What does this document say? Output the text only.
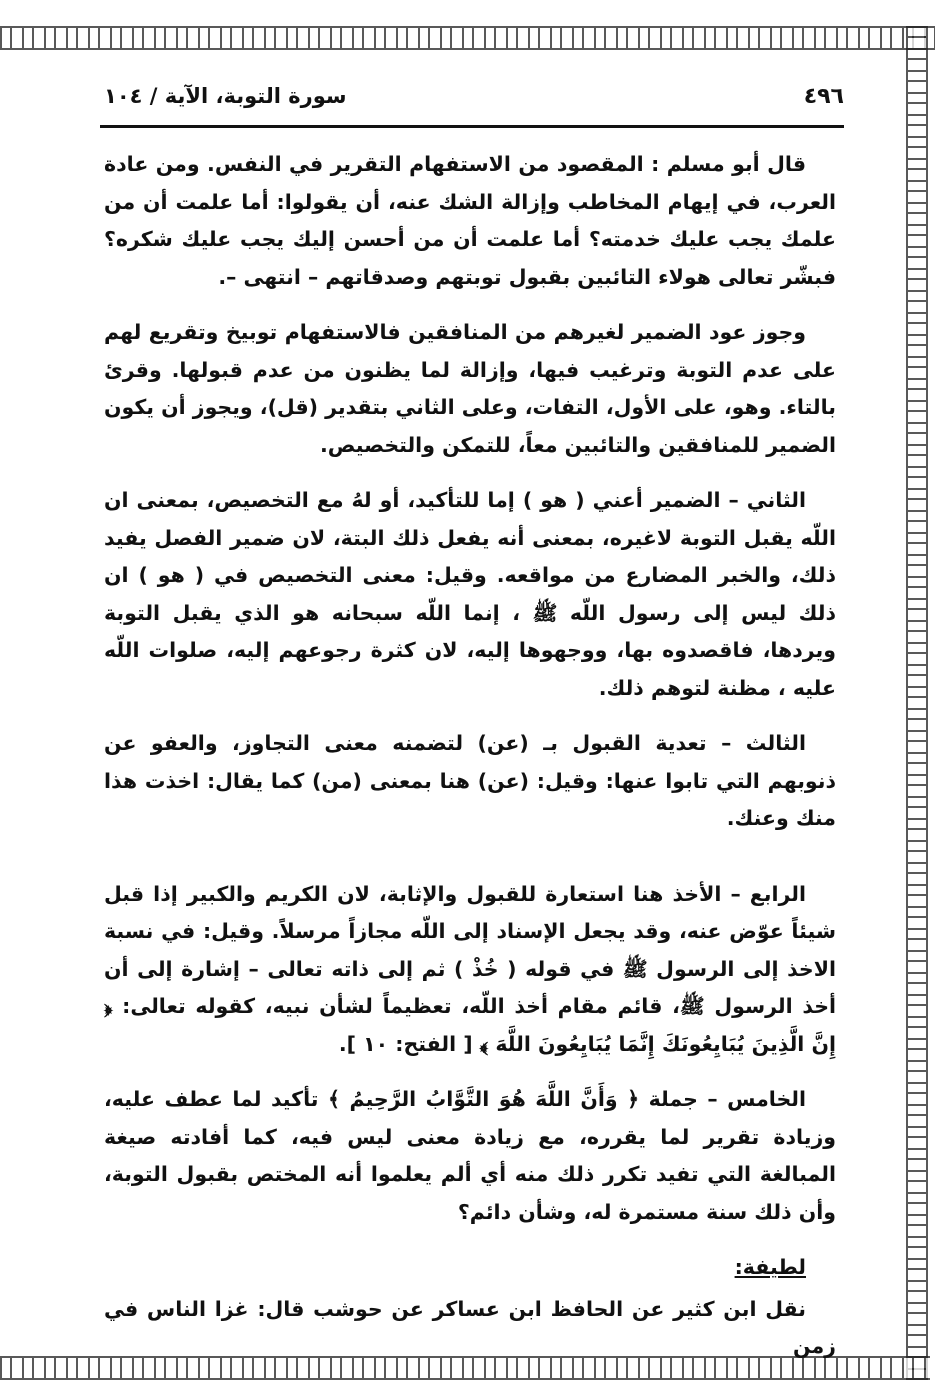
٤٩٦
سورة التوبة، الآية / ١٠٤

قال أبو مسلم : المقصود من الاستفهام التقرير في النفس. ومن عادة العرب، في إيهام المخاطب وإزالة الشك عنه، أن يقولوا: أما علمت أن من علمك يجب عليك خدمته؟ أما علمت أن من أحسن إليك يجب عليك شكره؟ فبشّر تعالى هولاء التائبين بقبول توبتهم وصدقاتهم – انتهى –.

وجوز عود الضمير لغيرهم من المنافقين فالاستفهام توبيخ وتقريع لهم على عدم التوبة وترغيب فيها، وإزالة لما يظنون من عدم قبولها. وقرئ بالتاء. وهو، على الأول، التفات، وعلى الثاني بتقدير (قل)، ويجوز أن يكون الضمير للمنافقين والتائبين معاً، للتمكن والتخصيص.

الثاني – الضمير أعني ( هو ) إما للتأكيد، أو لهُ مع التخصيص، بمعنى ان اللّه يقبل التوبة لاغيره، بمعنى أنه يفعل ذلك البتة، لان ضمير الفصل يفيد ذلك، والخبر المضارع من مواقعه. وقيل: معنى التخصيص في ( هو ) ان ذلك ليس إلى رسول اللّه ﷺ ، إنما اللّه سبحانه هو الذي يقبل التوبة ويردها، فاقصدوه بها، ووجهوها إليه، لان كثرة رجوعهم إليه، صلوات اللّه عليه ، مظنة لتوهم ذلك.

الثالث – تعدية القبول بـ (عن) لتضمنه معنى التجاوز، والعفو عن ذنوبهم التي تابوا عنها: وقيل: (عن) هنا بمعنى (من) كما يقال: اخذت هذا منك وعنك.

الرابع – الأخذ هنا استعارة للقبول والإثابة، لان الكريم والكبير إذا قبل شيئاً عوّض عنه، وقد يجعل الإسناد إلى اللّه مجازاً مرسلاً. وقيل: في نسبة الاخذ إلى الرسول ﷺ في قوله ( خُذْ ) ثم إلى ذاته تعالى – إشارة إلى أن أخذ الرسول ﷺ، قائم مقام أخذ اللّه، تعظيماً لشأن نبيه، كقوله تعالى: ﴿ إِنَّ الَّذِينَ يُبَايِعُونَكَ إِنَّمَا يُبَايِعُونَ اللَّهَ ﴾ [ الفتح: ١٠ ].

الخامس – جملة ﴿ وَأَنَّ اللَّهَ هُوَ التَّوَّابُ الرَّحِيمُ ﴾ تأكيد لما عطف عليه، وزيادة تقرير لما يقرره، مع زيادة معنى ليس فيه، كما أفادته صيغة المبالغة التي تفيد تكرر ذلك منه أي ألم يعلموا أنه المختص بقبول التوبة، وأن ذلك سنة مستمرة له، وشأن دائم؟

لطيفة:

نقل ابن كثير عن الحافظ ابن عساكر عن حوشب قال: غزا الناس في زمن
